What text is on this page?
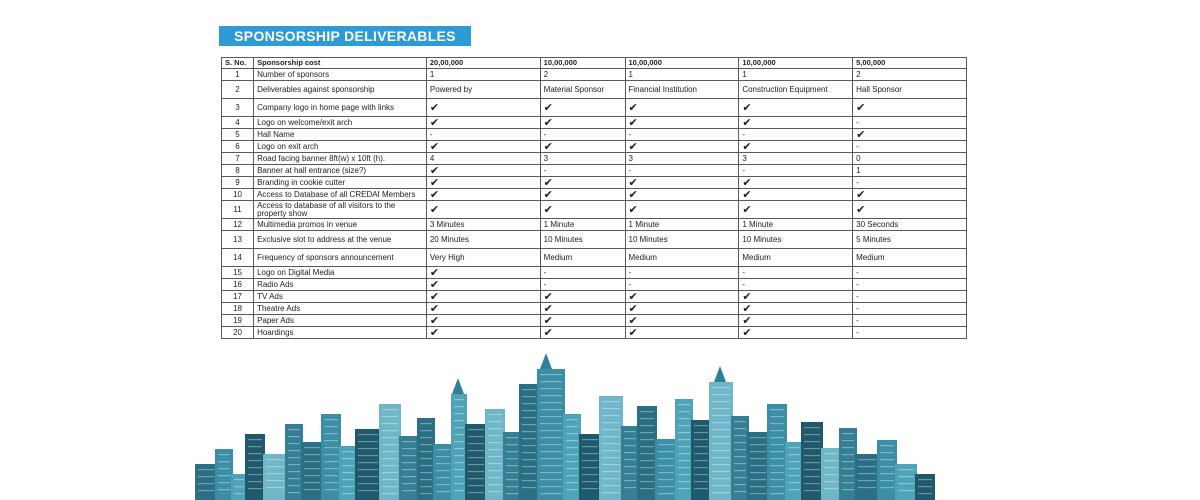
SPONSORSHIP DELIVERABLES
S. No.	Sponsorship cost	20,00,000	10,00,000	10,00,000	10,00,000	5,00,000
1	Number of sponsors	1	2	1	1	2
2	Deliverables against sponsorship	Powered by	Material Sponsor	Financial Institution	Construction Equipment	Hall Sponsor
3	Company logo in home page with links	✔	✔	✔	✔	✔
4	Logo on welcome/exit arch	✔	✔	✔	✔	-
5	Hall Name	-	-	-	-	✔
6	Logo on exit arch	✔	✔	✔	✔	-
7	Road facing banner 8ft(w) x 10ft (h).	4	3	3	3	0
8	Banner at hall entrance (size?)	✔	-	-	-	1
9	Branding in cookie cutter	✔	✔	✔	✔	-
10	Access to Database of all CREDAI Members	✔	✔	✔	✔	✔
11	Access to database of all visitors to the property show	✔	✔	✔	✔	✔
12	Multimedia promos in venue	3 Minutes	1 Minute	1 Minute	1 Minute	30 Seconds
13	Exclusive slot to address at the venue	20 Minutes	10 Minutes	10 Minutes	10 Minutes	5 Minutes
14	Frequency of sponsors announcement	Very High	Medium	Medium	Medium	Medium
15	Logo on Digital Media	✔	-	-	-	-
16	Radio Ads	✔	-	-	-	-
17	TV Ads	✔	✔	✔	✔	-
18	Theatre Ads	✔	✔	✔	✔	-
19	Paper Ads	✔	✔	✔	✔	-
20	Hoardings	✔	✔	✔	✔	-
